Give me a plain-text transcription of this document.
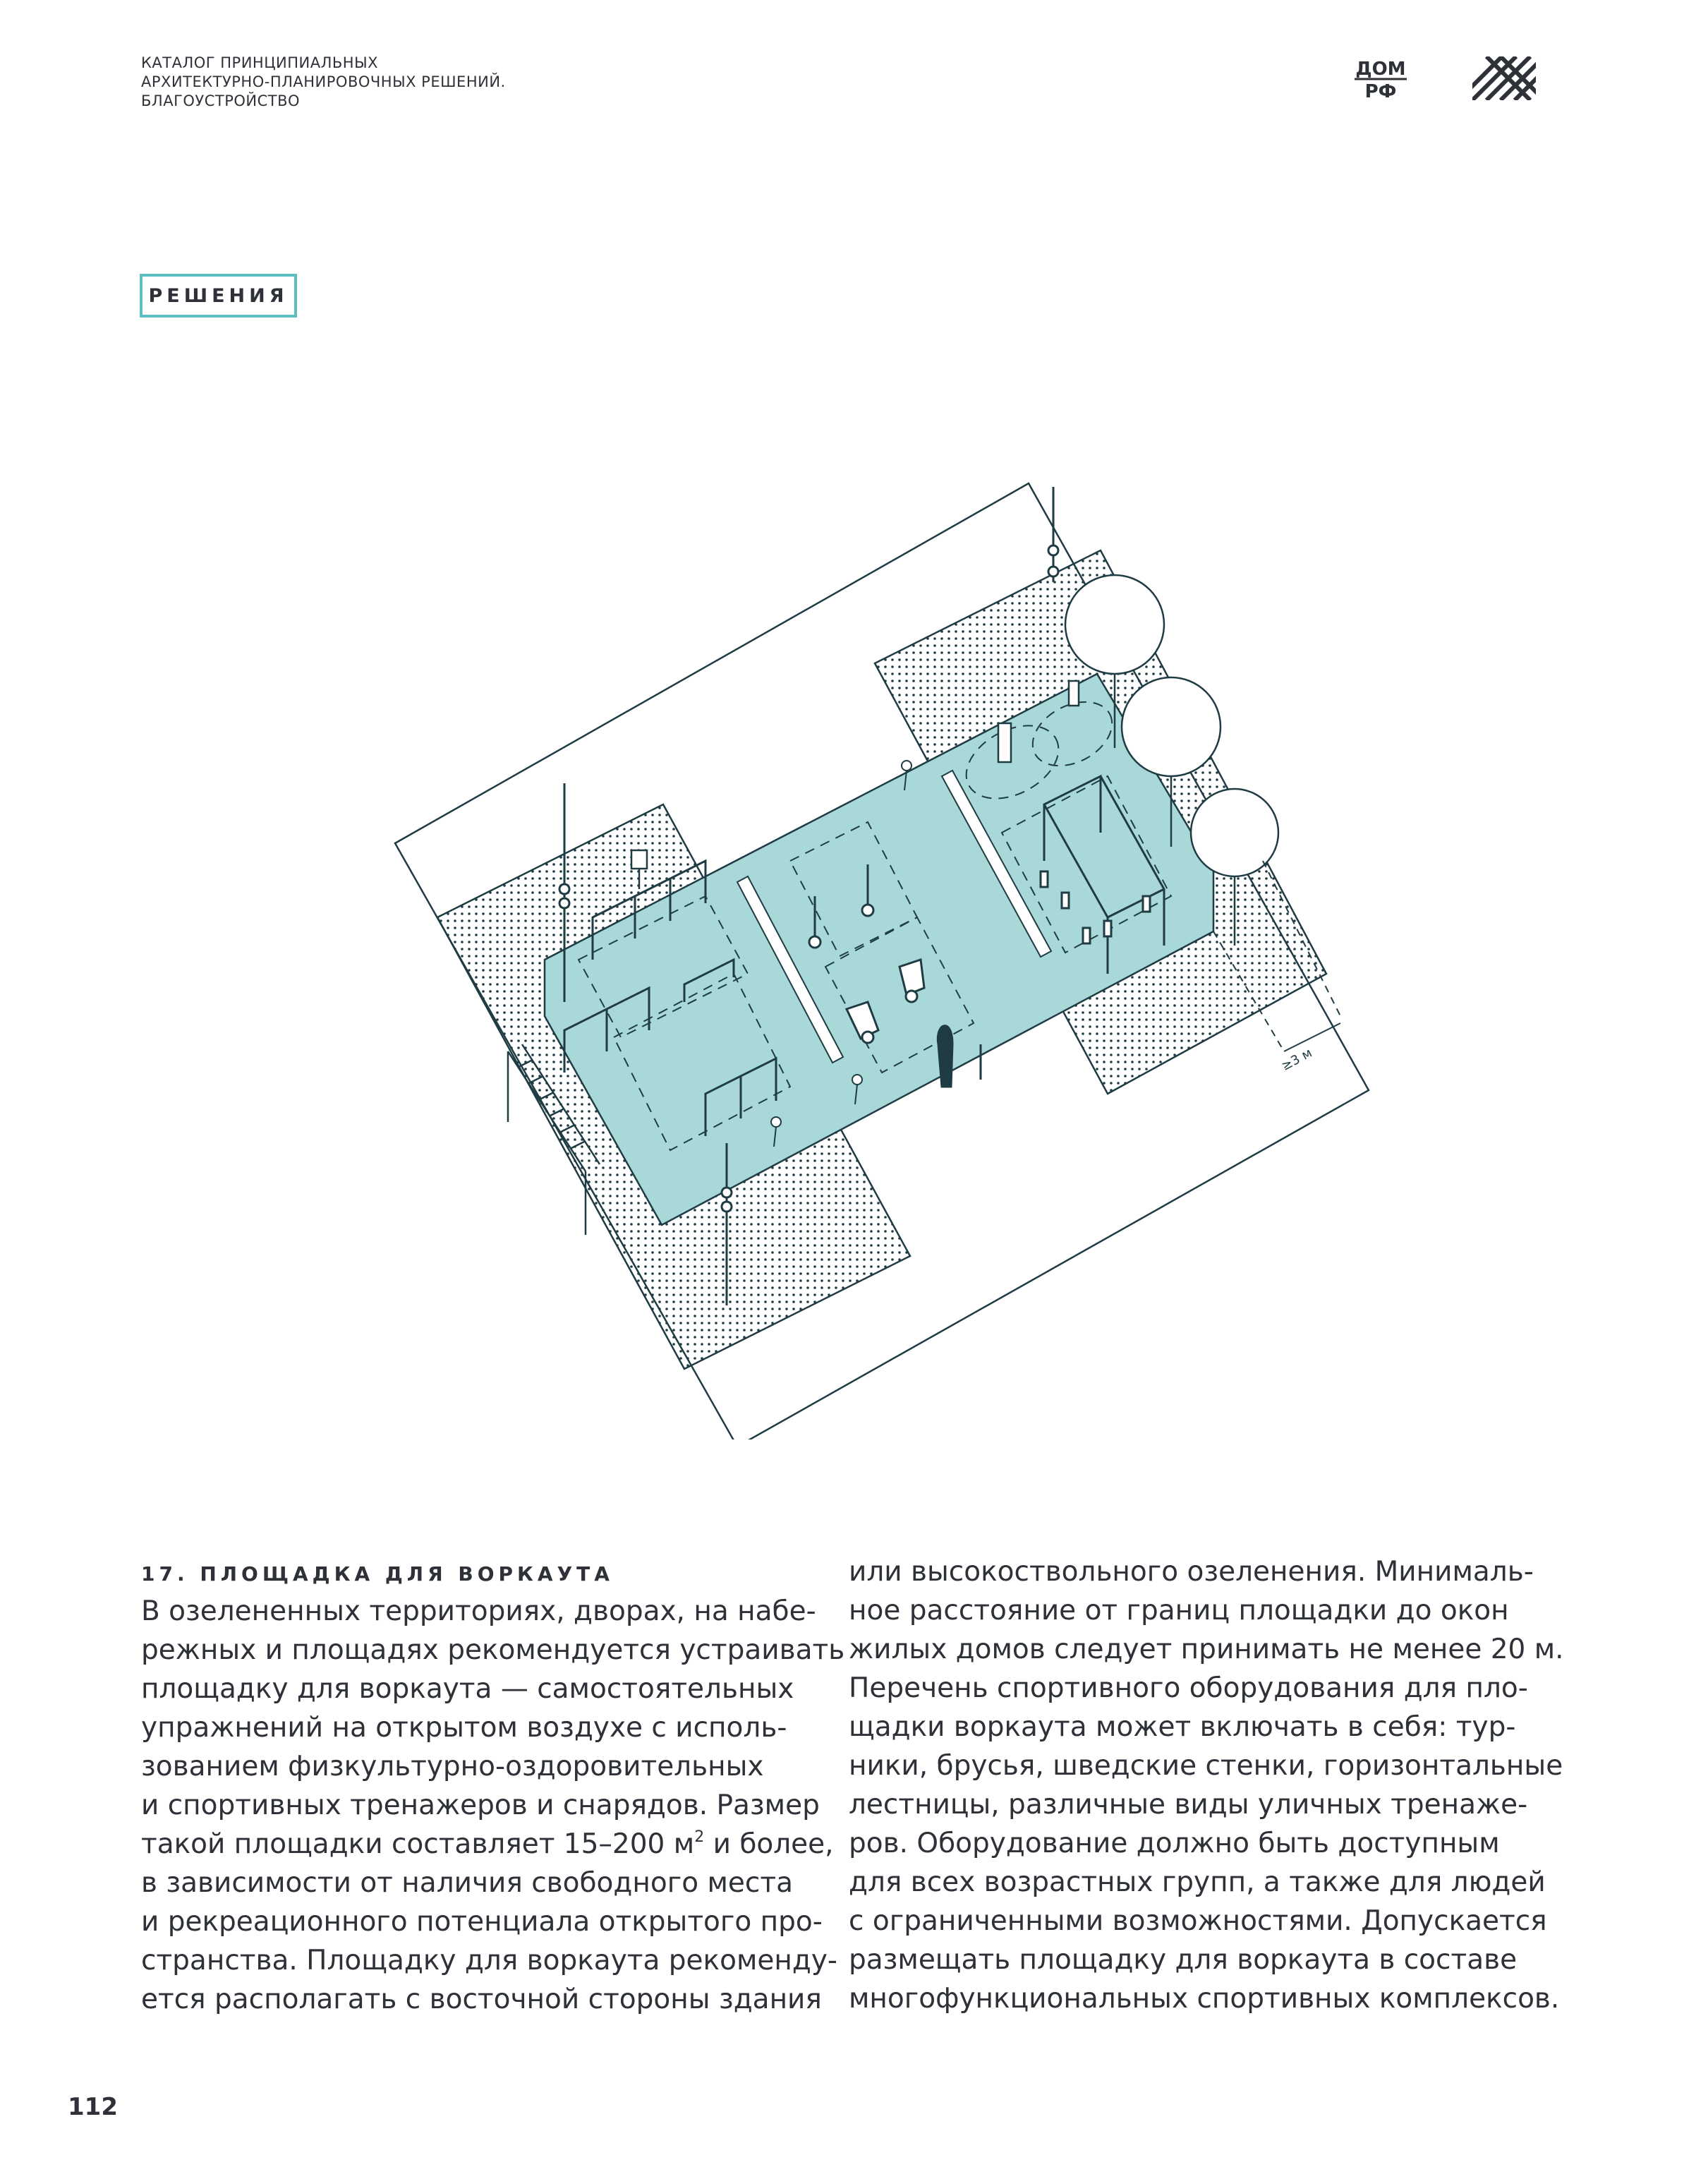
КАТАЛОГ ПРИНЦИПИАЛЬНЫХ
АРХИТЕКТУРНО-ПЛАНИРОВОЧНЫХ РЕШЕНИЙ.
БЛАГОУСТРОЙСТВО
ДОМ
РФ
РЕШЕНИЯ
≥3 м
17. ПЛОЩАДКА ДЛЯ ВОРКАУТА
В озелененных территориях, дворах, на набе-
режных и площадях рекомендуется устраивать
площадку для воркаута — самостоятельных
упражнений на открытом воздухе с исполь-
зованием физкультурно-оздоровительных
и спортивных тренажеров и снарядов. Размер
такой площадки составляет 15–200 $м^2$ и более,
в зависимости от наличия свободного места
и рекреационного потенциала открытого про-
странства. Площадку для воркаута рекоменду-
ется располагать с восточной стороны здания
или высокоствольного озеленения. Минималь-
ное расстояние от границ площадки до окон
жилых домов следует принимать не менее 20 м.
Перечень спортивного оборудования для пло-
щадки воркаута может включать в себя: тур-
ники, брусья, шведские стенки, горизонтальные
лестницы, различные виды уличных тренаже-
ров. Оборудование должно быть доступным
для всех возрастных групп, а также для людей
с ограниченными возможностями. Допускается
размещать площадку для воркаута в составе
многофункциональных спортивных комплексов.
112
